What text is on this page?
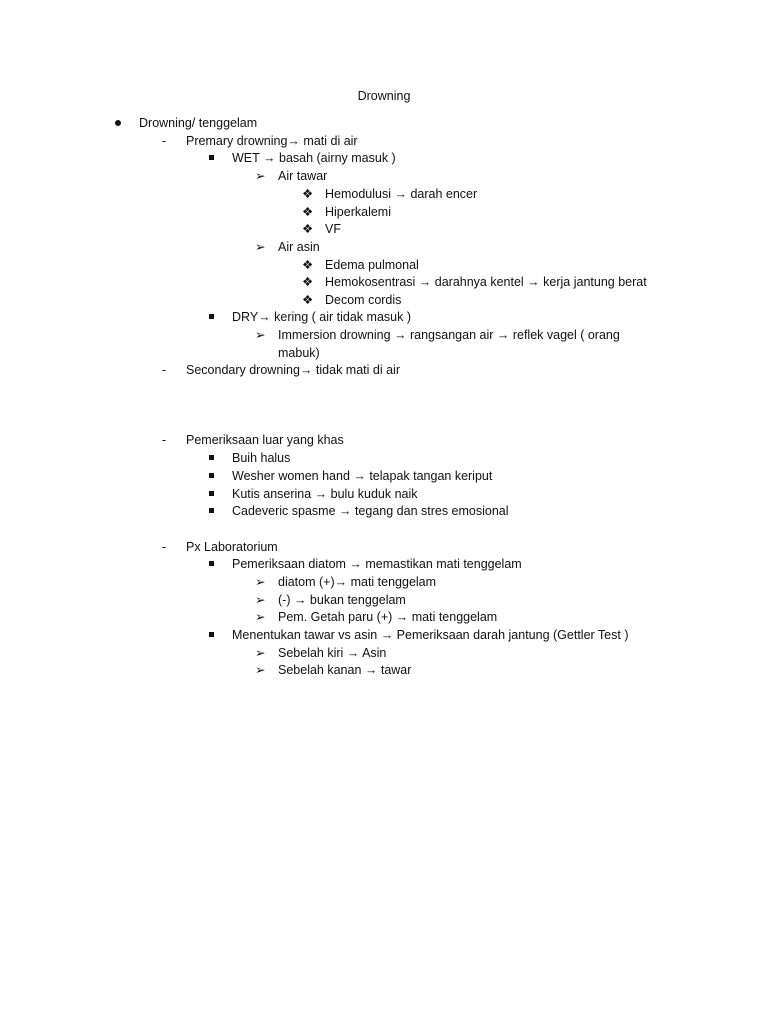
Drowning
Drowning/ tenggelam
-	Premary drowning→ mati di air
WET → basah (airny masuk )
➢	Air tawar
❖ Hemodulusi → darah encer
❖ Hiperkalemi
❖ VF
➢	Air asin
❖ Edema pulmonal
❖ Hemokosentrasi → darahnya kentel → kerja jantung berat
❖ Decom cordis
DRY→ kering ( air tidak masuk )
➢	Immersion drowning → rangsangan air → reflek vagel ( orang
mabuk)
-	Secondary drowning→ tidak mati di air
-	Pemeriksaan luar yang khas
Buih halus
Wesher women hand → telapak tangan keriput
Kutis anserina → bulu kuduk naik
Cadeveric spasme → tegang dan stres emosional
-	Px Laboratorium
Pemeriksaan diatom → memastikan mati tenggelam
➢	diatom (+)→ mati tenggelam
➢	(-) → bukan tenggelam
➢	Pem. Getah paru (+) → mati tenggelam
Menentukan tawar vs asin → Pemeriksaan darah jantung (Gettler Test )
➢	Sebelah kiri → Asin
➢	Sebelah kanan → tawar
